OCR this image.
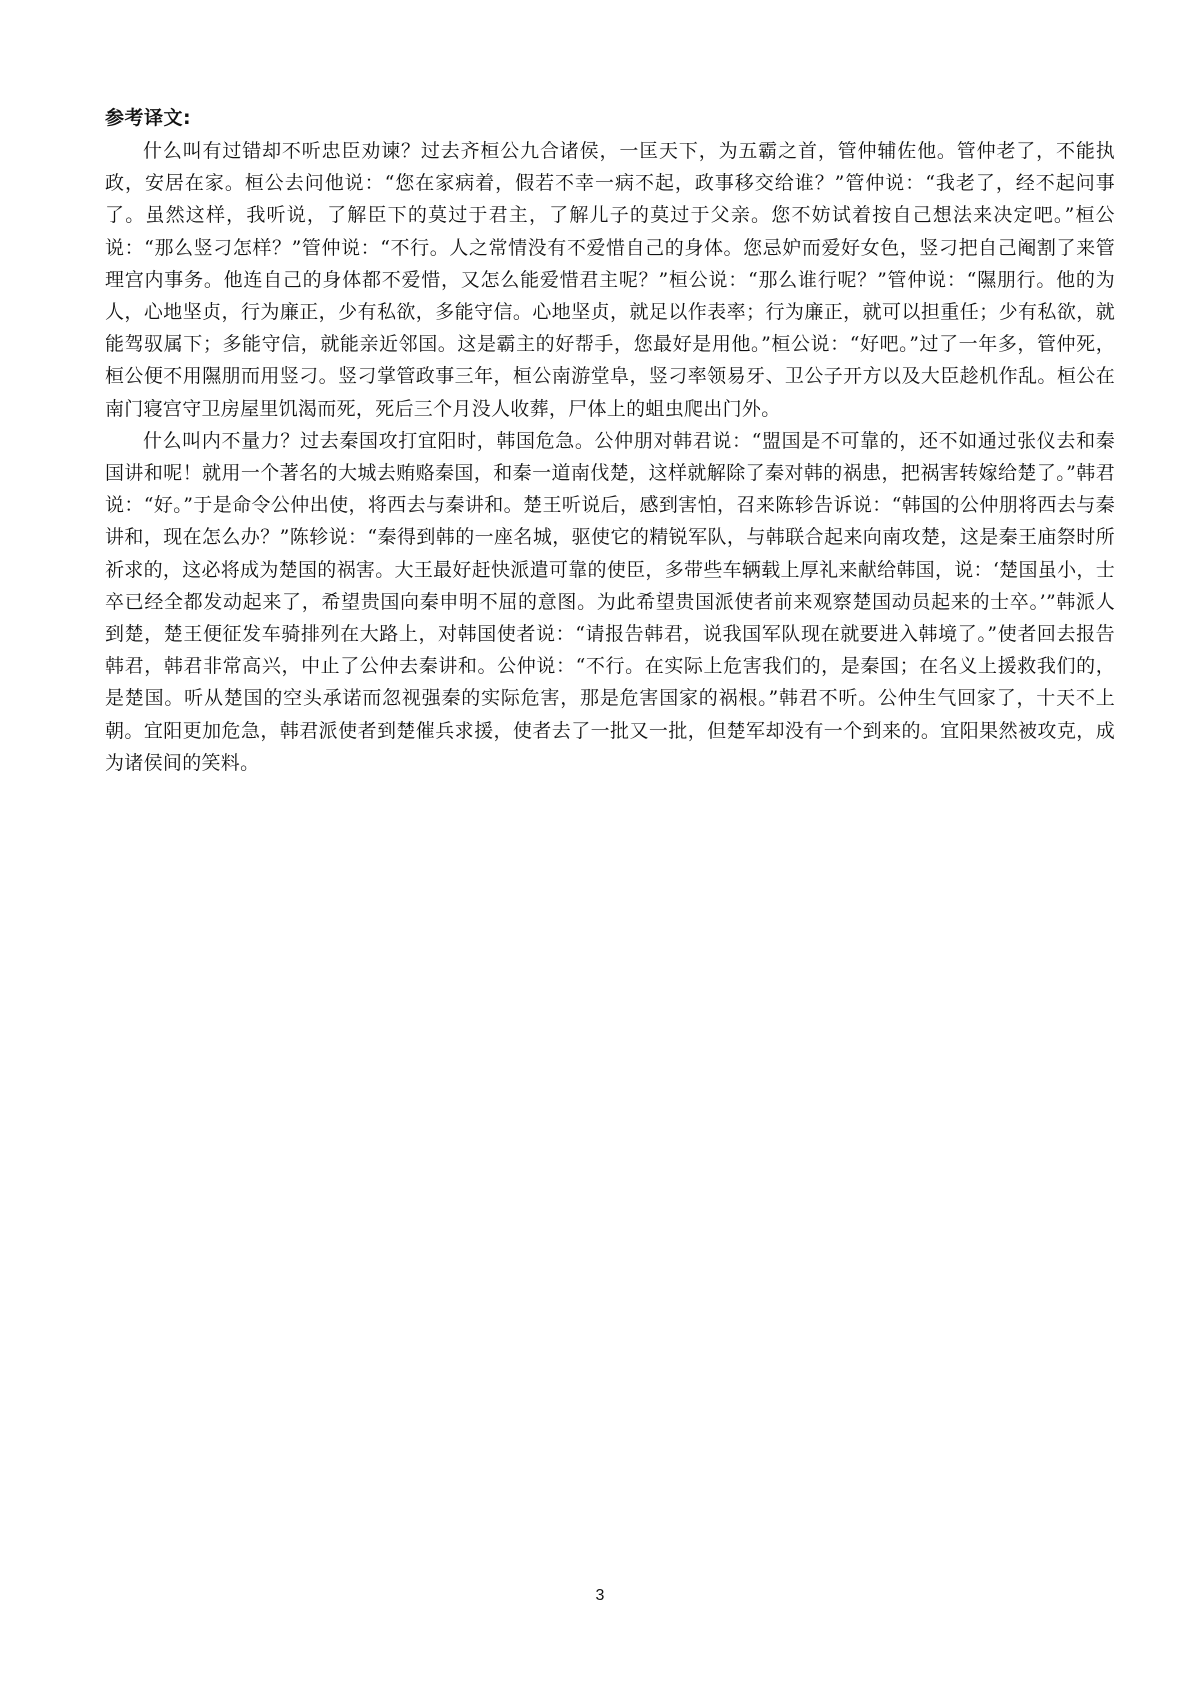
参考译文:

什么叫有过错却不听忠臣劝谏？过去齐桓公九合诸侯，一匡天下，为五霸之首，管仲辅佐他。管仲老了，不能执政，安居在家。桓公去问他说：“您在家病着，假若不幸一病不起，政事移交给谁？”管仲说：“我老了，经不起问事了。虽然这样，我听说，了解臣下的莫过于君主，了解儿子的莫过于父亲。您不妨试着按自己想法来决定吧。”桓公说：“那么竖刁怎样？”管仲说：“不行。人之常情没有不爱惜自己的身体。您忌妒而爱好女色，竖刁把自己阉割了来管理宫内事务。他连自己的身体都不爱惜，又怎么能爱惜君主呢？”桓公说：“那么谁行呢？”管仲说：“隰朋行。他的为人，心地坚贞，行为廉正，少有私欲，多能守信。心地坚贞，就足以作表率；行为廉正，就可以担重任；少有私欲，就能驾驭属下；多能守信，就能亲近邻国。这是霸主的好帮手，您最好是用他。”桓公说：“好吧。”过了一年多，管仲死，桓公便不用隰朋而用竖刁。竖刁掌管政事三年，桓公南游堂阜，竖刁率领易牙、卫公子开方以及大臣趁机作乱。桓公在南门寝宫守卫房屋里饥渴而死，死后三个月没人收葬，尸体上的蛆虫爬出门外。

什么叫内不量力？过去秦国攻打宜阳时，韩国危急。公仲朋对韩君说：“盟国是不可靠的，还不如通过张仪去和秦国讲和呢！就用一个著名的大城去贿赂秦国，和秦一道南伐楚，这样就解除了秦对韩的祸患，把祸害转嫁给楚了。”韩君说：“好。”于是命令公仲出使，将西去与秦讲和。楚王听说后，感到害怕，召来陈轸告诉说：“韩国的公仲朋将西去与秦讲和，现在怎么办？”陈轸说：“秦得到韩的一座名城，驱使它的精锐军队，与韩联合起来向南攻楚，这是秦王庙祭时所祈求的，这必将成为楚国的祸害。大王最好赶快派遣可靠的使臣，多带些车辆载上厚礼来献给韩国，说：‘楚国虽小，士卒已经全都发动起来了，希望贵国向秦申明不屈的意图。为此希望贵国派使者前来观察楚国动员起来的士卒。’”韩派人到楚，楚王便征发车骑排列在大路上，对韩国使者说：“请报告韩君，说我国军队现在就要进入韩境了。”使者回去报告韩君，韩君非常高兴，中止了公仲去秦讲和。公仲说：“不行。在实际上危害我们的，是秦国；在名义上援救我们的，是楚国。听从楚国的空头承诺而忽视强秦的实际危害，那是危害国家的祸根。”韩君不听。公仲生气回家了，十天不上朝。宜阳更加危急，韩君派使者到楚催兵求援，使者去了一批又一批，但楚军却没有一个到来的。宜阳果然被攻克，成为诸侯间的笑料。

3
